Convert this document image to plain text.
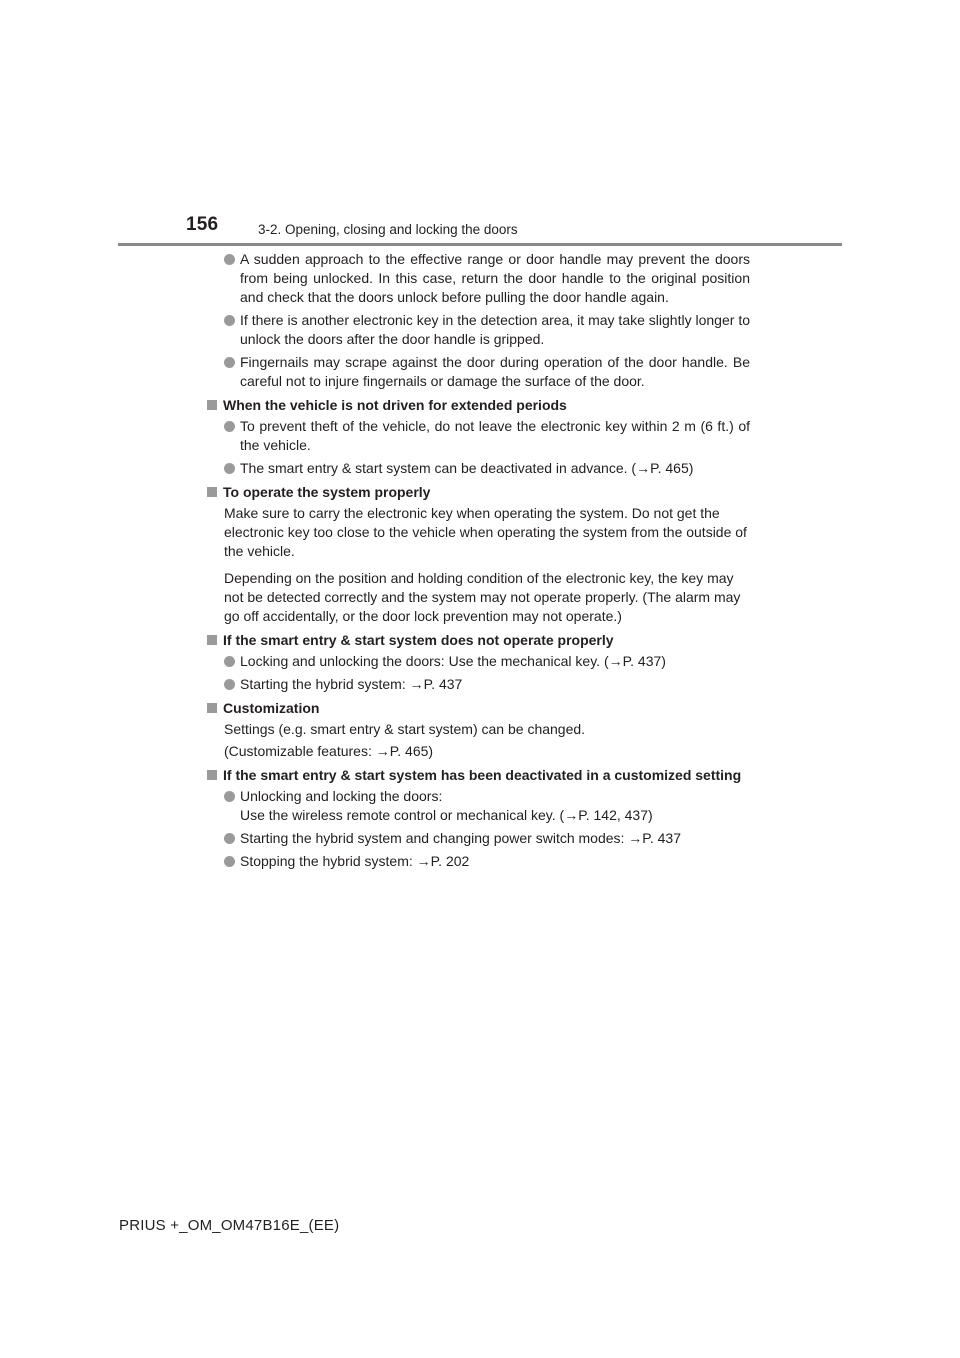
156	3-2. Opening, closing and locking the doors
A sudden approach to the effective range or door handle may prevent the doors from being unlocked. In this case, return the door handle to the original position and check that the doors unlock before pulling the door handle again.
If there is another electronic key in the detection area, it may take slightly longer to unlock the doors after the door handle is gripped.
Fingernails may scrape against the door during operation of the door handle. Be careful not to injure fingernails or damage the surface of the door.
When the vehicle is not driven for extended periods
To prevent theft of the vehicle, do not leave the electronic key within 2 m (6 ft.) of the vehicle.
The smart entry & start system can be deactivated in advance. (→P. 465)
To operate the system properly
Make sure to carry the electronic key when operating the system. Do not get the electronic key too close to the vehicle when operating the system from the outside of the vehicle.
Depending on the position and holding condition of the electronic key, the key may not be detected correctly and the system may not operate properly. (The alarm may go off accidentally, or the door lock prevention may not operate.)
If the smart entry & start system does not operate properly
Locking and unlocking the doors: Use the mechanical key. (→P. 437)
Starting the hybrid system: →P. 437
Customization
Settings (e.g. smart entry & start system) can be changed.
(Customizable features: →P. 465)
If the smart entry & start system has been deactivated in a customized setting
Unlocking and locking the doors:
Use the wireless remote control or mechanical key. (→P. 142, 437)
Starting the hybrid system and changing power switch modes: →P. 437
Stopping the hybrid system: →P. 202
PRIUS +_OM_OM47B16E_(EE)
